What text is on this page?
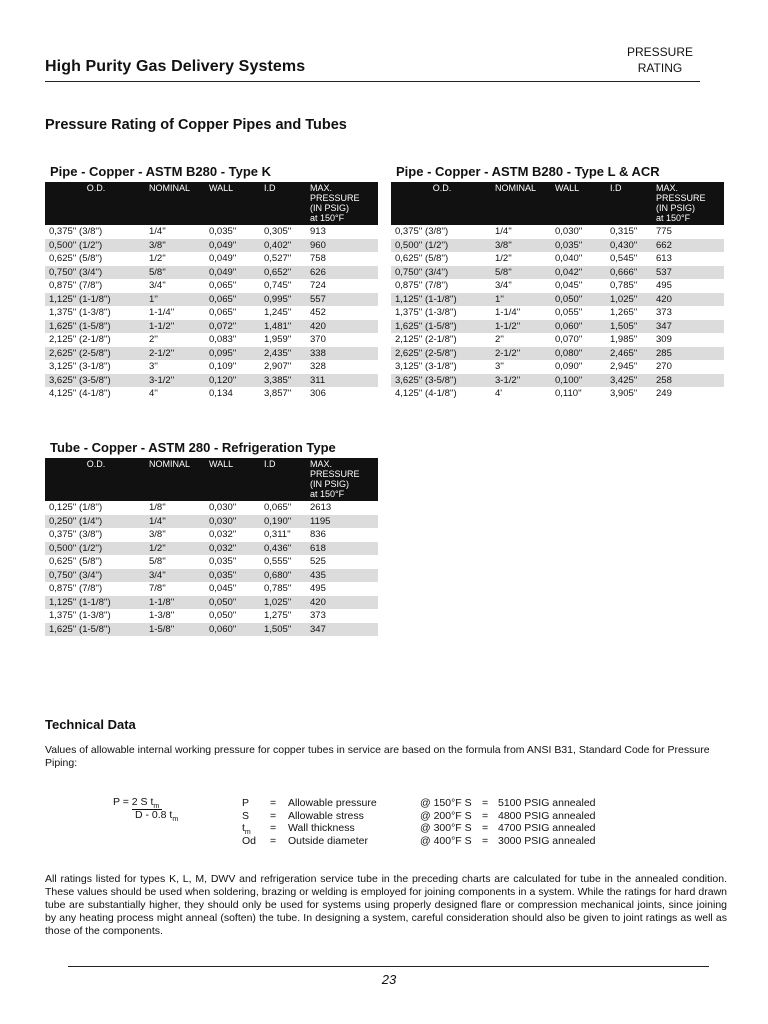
High Purity Gas Delivery Systems
PRESSURE
RATING
Pressure Rating of Copper Pipes and Tubes
Pipe - Copper - ASTM B280 - Type K
O.D.	NOMINAL	WALL	I.D	MAX.
PRESSURE
(IN PSIG)
at 150°F

0,375'' (3/8'')	1/4''	0,035''	0,305''	913
0,500'' (1/2'')	3/8''	0,049''	0,402''	960
0,625'' (5/8'')	1/2''	0,049''	0,527''	758
0,750'' (3/4'')	5/8''	0,049''	0,652''	626
0,875'' (7/8'')	3/4''	0,065''	0,745''	724
1,125'' (1-1/8'')	1''	0,065''	0,995''	557
1,375'' (1-3/8'')	1-1/4''	0,065''	1,245''	452
1,625'' (1-5/8'')	1-1/2''	0,072''	1,481''	420
2,125'' (2-1/8'')	2''	0,083''	1,959''	370
2,625'' (2-5/8'')	2-1/2''	0,095''	2,435''	338
3,125'' (3-1/8'')	3''	0,109''	2,907''	328
3,625'' (3-5/8'')	3-1/2''	0,120''	3,385''	311
4,125'' (4-1/8'')	4''	0,134	3,857''	306
Pipe - Copper - ASTM B280 - Type L & ACR
O.D.	NOMINAL	WALL	I.D	MAX.
PRESSURE
(IN PSIG)
at 150°F

0,375'' (3/8'')	1/4''	0,030''	0,315''	775
0,500'' (1/2'')	3/8''	0,035''	0,430''	662
0,625'' (5/8'')	1/2''	0,040''	0,545''	613
0,750'' (3/4'')	5/8''	0,042''	0,666''	537
0,875'' (7/8'')	3/4''	0,045''	0,785''	495
1,125'' (1-1/8'')	1''	0,050''	1,025''	420
1,375'' (1-3/8'')	1-1/4''	0,055''	1,265''	373
1,625'' (1-5/8'')	1-1/2''	0,060''	1,505''	347
2,125'' (2-1/8'')	2''	0,070''	1,985''	309
2,625'' (2-5/8'')	2-1/2''	0,080''	2,465''	285
3,125'' (3-1/8'')	3''	0,090''	2,945''	270
3,625'' (3-5/8'')	3-1/2''	0,100''	3,425''	258
4,125'' (4-1/8'')	4'	0,110''	3,905''	249
Tube - Copper - ASTM 280 - Refrigeration Type
O.D.	NOMINAL	WALL	I.D	MAX.
PRESSURE
(IN PSIG)
at 150°F

0,125'' (1/8'')	1/8''	0,030''	0,065''	2613
0,250'' (1/4'')	1/4''	0,030''	0,190''	1195
0,375'' (3/8'')	3/8''	0,032''	0,311''	836
0,500'' (1/2'')	1/2''	0,032''	0,436''	618
0,625'' (5/8'')	5/8''	0,035''	0,555''	525
0,750'' (3/4'')	3/4''	0,035''	0,680''	435
0,875'' (7/8'')	7/8''	0,045''	0,785''	495
1,125'' (1-1/8'')	1-1/8''	0,050''	1,025''	420
1,375'' (1-3/8'')	1-3/8''	0,050''	1,275''	373
1,625'' (1-5/8'')	1-5/8''	0,060''	1,505''	347
Technical Data
Values of allowable internal working pressure for copper tubes in service are based on the formula from ANSI B31, Standard Code for Pressure Piping:
P = 2 S $t_m$
D - 0.8 $t_m$
P = Allowable pressure
S = Allowable stress
$t_m$ = Wall thickness
Od = Outside diameter
@ 150°F S = 5100 PSIG annealed
@ 200°F S = 4800 PSIG annealed
@ 300°F S = 4700 PSIG annealed
@ 400°F S = 3000 PSIG annealed
All ratings listed for types K, L, M, DWV and refrigeration service tube in the preceding charts are calculated for tube in the annealed condition. These values should be used when soldering, brazing or welding is employed for joining components in a system. While the ratings for hard drawn tube are substantially higher, they should only be used for systems using properly designed flare or compression mechanical joints, since joining by any heating process might anneal (soften) the tube. In designing a system, careful consideration should also be given to joint ratings as well as those of the components.
23
